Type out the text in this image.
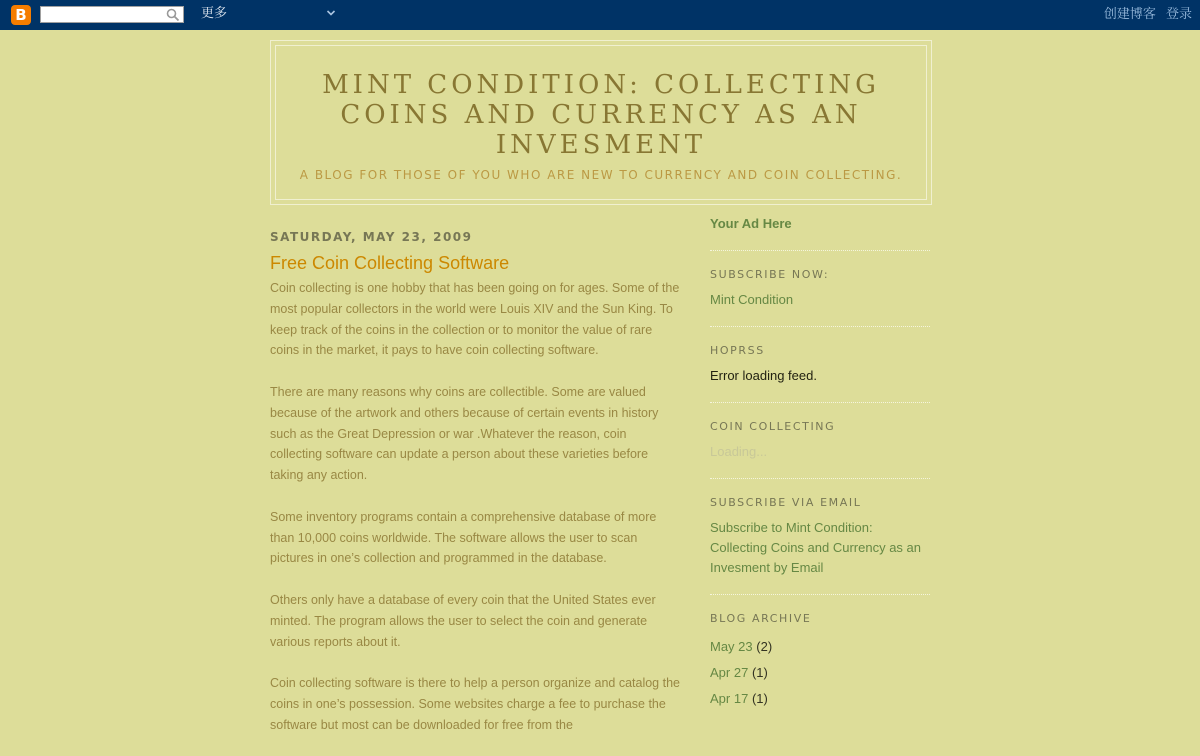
B	更多	创建博客 登录
MINT CONDITION: COLLECTING COINS AND CURRENCY AS AN INVESMENT
A BLOG FOR THOSE OF YOU WHO ARE NEW TO CURRENCY AND COIN COLLECTING.
SATURDAY, MAY 23, 2009
Free Coin Collecting Software

Coin collecting is one hobby that has been going on for ages. Some of the most popular collectors in the world were Louis XIV and the Sun King. To keep track of the coins in the collection or to monitor the value of rare coins in the market, it pays to have coin collecting software.

There are many reasons why coins are collectible. Some are valued because of the artwork and others because of certain events in history such as the Great Depression or war .Whatever the reason, coin collecting software can update a person about these varieties before taking any action.

Some inventory programs contain a comprehensive database of more than 10,000 coins worldwide. The software allows the user to scan pictures in one’s collection and programmed in the database.

Others only have a database of every coin that the United States ever minted. The program allows the user to select the coin and generate various reports about it.

Coin collecting software is there to help a person organize and catalog the coins in one’s possession. Some websites charge a fee to purchase the software but most can be downloaded for free from the

Your Ad Here
SUBSCRIBE NOW:
Mint Condition
HOPRSS
Error loading feed.
COIN COLLECTING
Loading...
SUBSCRIBE VIA EMAIL
Subscribe to Mint Condition: Collecting Coins and Currency as an Invesment by Email
BLOG ARCHIVE
May 23 (2)
Apr 27 (1)
Apr 17 (1)
